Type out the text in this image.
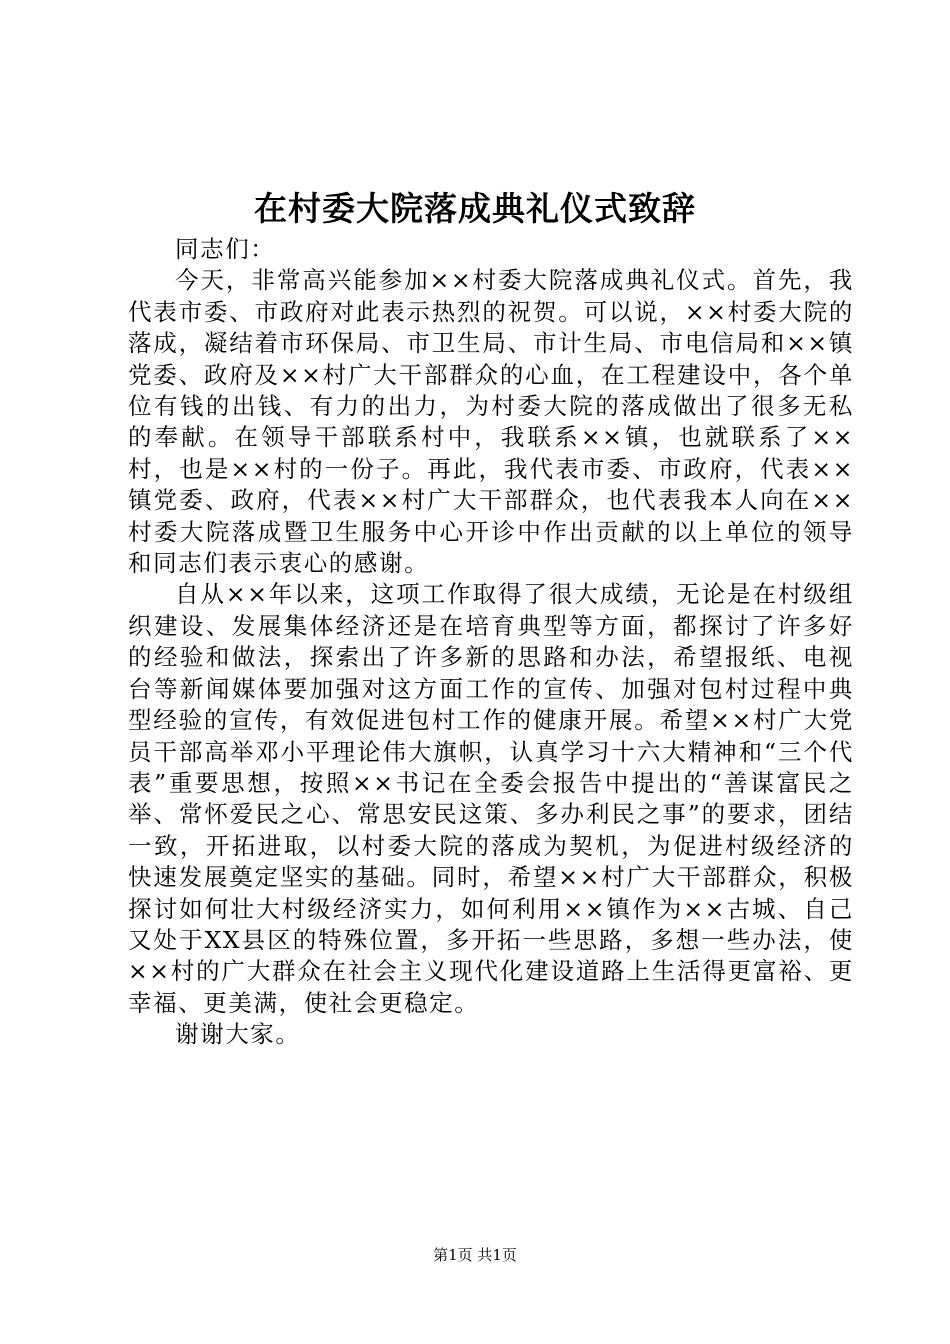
在村委大院落成典礼仪式致辞

同志们：

今天，非常高兴能参加××村委大院落成典礼仪式。首先，我代表市委、市政府对此表示热烈的祝贺。可以说，××村委大院的落成，凝结着市环保局、市卫生局、市计生局、市电信局和××镇党委、政府及××村广大干部群众的心血，在工程建设中，各个单位有钱的出钱、有力的出力，为村委大院的落成做出了很多无私的奉献。在领导干部联系村中，我联系××镇，也就联系了××村，也是××村的一份子。再此，我代表市委、市政府，代表××镇党委、政府，代表××村广大干部群众，也代表我本人向在××村委大院落成暨卫生服务中心开诊中作出贡献的以上单位的领导和同志们表示衷心的感谢。

自从××年以来，这项工作取得了很大成绩，无论是在村级组织建设、发展集体经济还是在培育典型等方面，都探讨了许多好的经验和做法，探索出了许多新的思路和办法，希望报纸、电视台等新闻媒体要加强对这方面工作的宣传、加强对包村过程中典型经验的宣传，有效促进包村工作的健康开展。希望××村广大党员干部高举邓小平理论伟大旗帜，认真学习十六大精神和“三个代表”重要思想，按照××书记在全委会报告中提出的“善谋富民之举、常怀爱民之心、常思安民这策、多办利民之事”的要求，团结一致，开拓进取，以村委大院的落成为契机，为促进村级经济的快速发展奠定坚实的基础。同时，希望××村广大干部群众，积极探讨如何壮大村级经济实力，如何利用××镇作为××古城、自己又处于XX县区的特殊位置，多开拓一些思路，多想一些办法，使××村的广大群众在社会主义现代化建设道路上生活得更富裕、更幸福、更美满，使社会更稳定。

谢谢大家。

第1页 共1页
